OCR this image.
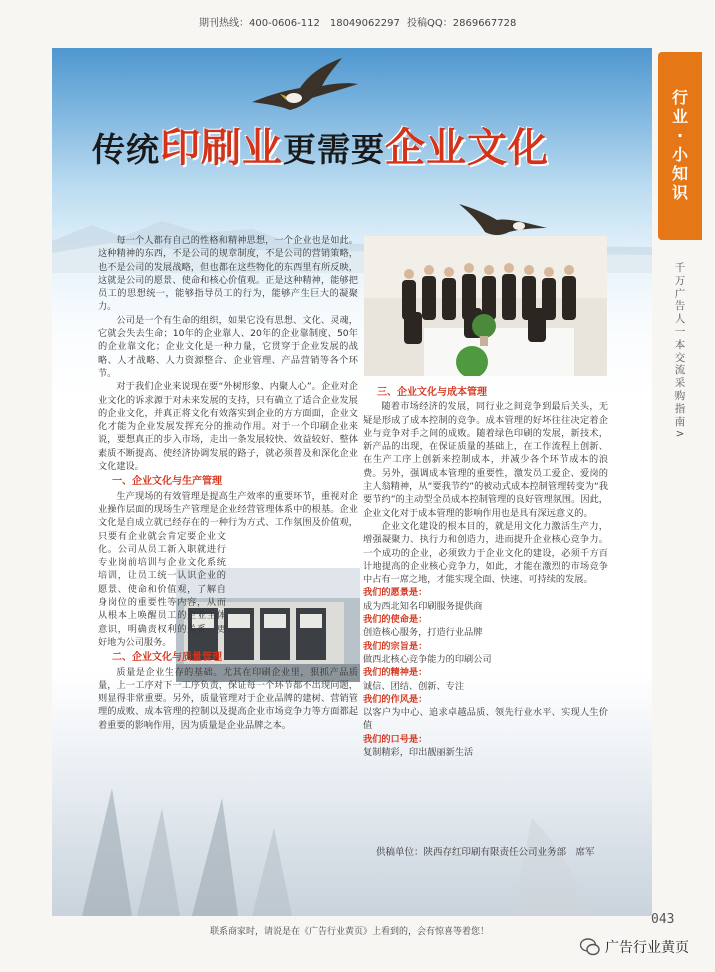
期刊热线：400-0606-112　18049062297 投稿QQ：2869667728
传统印刷业更需要企业文化

每一个人都有自己的性格和精神思想，一个企业也是如此。这种精神的东西，不是公司的规章制度，不是公司的营销策略，也不是公司的发展战略，但也都在这些物化的东西里有所反映，这就是公司的愿景、使命和核心价值观。正是这种精神，能够把员工的思想统一，能够指导员工的行为，能够产生巨大的凝聚力。

公司是一个有生命的组织，如果它没有思想、文化、灵魂，它就会失去生命；10年的企业靠人、20年的企业靠制度、50年的企业靠文化；企业文化是一种力量，它贯穿于企业发展的战略、人才战略、人力资源整合、企业管理、产品营销等各个环节。

对于我们企业来说现在要“外树形象、内聚人心”。企业对企业文化的诉求源于对未来发展的支持，只有确立了适合企业发展的企业文化，并真正将文化有效落实到企业的方方面面，企业文化才能为企业发展发挥充分的推动作用。对于一个印刷企业来说，要想真正的步入市场，走出一条发展较快、效益较好、整体素质不断提高、使经济协调发展的路子，就必须普及和深化企业文化建设。

一、企业文化与生产管理

生产现场的有效管理是提高生产效率的重要环节，重视对企业操作层面的现场生产管理是企业经营管理体系中的根基。企业文化是自成立就已经存在的一种行为方式、工作氛围及价值观，只要有企业就会肯定要企业文化。公司从员工新入职就进行专业岗前培训与企业文化系统培训，让员工统一认识企业的愿景、使命和价值观，了解自身岗位的重要性等内容，从而从根本上唤醒员工的企业主体意识，明确责权利的关系，更好地为公司服务。

二、企业文化与质量管理

质量是企业生存的基础。尤其在印刷企业里，狠抓产品质量，上一工序对下一工序负责，保证每一个环节都不出现问题，则显得非常重要。另外，质量管理对于企业品牌的建树、营销管理的成败、成本管理的控制以及提高企业市场竞争力等方面都起着重要的影响作用，因为质量是企业品牌之本。

三、企业文化与成本管理

随着市场经济的发展，同行业之间竞争到最后关头，无疑是形成了成本控制的竞争。成本管理的好坏往往决定着企业与竞争对手之间的成败。随着绿色印刷的发展，新技术，新产品的出现，在保证质量的基础上，在工作流程上创新、在生产工序上创新来控制成本，并减少各个环节成本的浪费。另外，强调成本管理的重要性，激发员工爱企、爱岗的主人翁精神，从“要我节约”的被动式成本控制管理转变为“我要节约”的主动型全员成本控制管理的良好管理氛围。因此，企业文化对于成本管理的影响作用也是具有深远意义的。

企业文化建设的根本目的，就是用文化力激活生产力，增强凝聚力、执行力和创造力，进而提升企业核心竞争力。一个成功的企业，必须致力于企业文化的建设，必须千方百计地提高的企业核心竞争力，如此，才能在激烈的市场竞争中占有一席之地，才能实现全面、快速、可持续的发展。

我们的愿景是：

成为西北知名印刷服务提供商

我们的使命是：

创造核心服务，打造行业品牌

我们的宗旨是：

做西北核心竞争能力的印刷公司

我们的精神是：

诚信、团结、创新、专注

我们的作风是：

以客户为中心、追求卓越品质、领先行业水平、实现人生价值

我们的口号是：

复制精彩，印出靓丽新生活

供稿单位：陕西存红印刷有限责任公司业务部　席军
行
业
·
小
知
识
千万广告人一本交流采购指南>
043
联系商家时，请说是在《广告行业黄页》上看到的，会有惊喜等着您！
广告行业黄页
